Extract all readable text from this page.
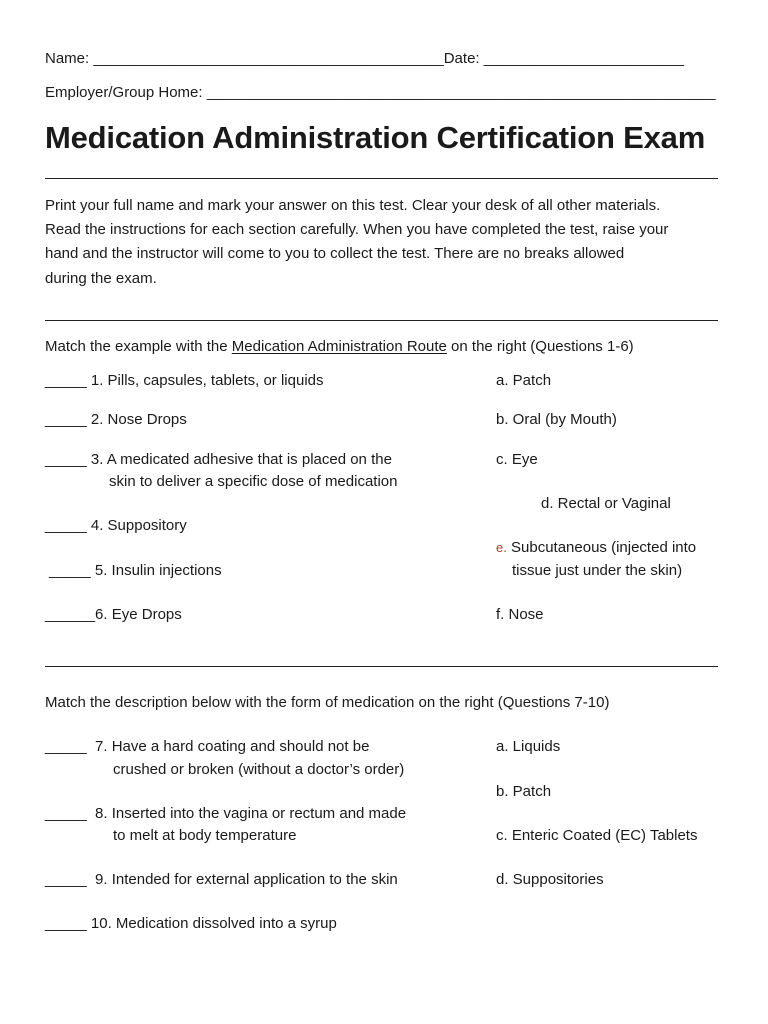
Name: __________________________________________Date: ________________________
Employer/Group Home: _____________________________________________________________
Medication Administration Certification Exam
Print your full name and mark your answer on this test. Clear your desk of all other materials.
Read the instructions for each section carefully. When you have completed the test, raise your
hand and the instructor will come to you to collect the test. There are no breaks allowed
during the exam.
Match the example with the Medication Administration Route on the right (Questions 1-6)
_____ 1. Pills, capsules, tablets, or liquids
_____ 2. Nose Drops
_____ 3. A medicated adhesive that is placed on the
skin to deliver a specific dose of medication
_____ 4. Suppository
_____ 5. Insulin injections
______6. Eye Drops
a. Patch
b. Oral (by Mouth)
c. Eye
d. Rectal or Vaginal
e. Subcutaneous (injected into
tissue just under the skin)
f. Nose
Match the description below with the form of medication on the right (Questions 7-10)
_____  7. Have a hard coating and should not be
crushed or broken (without a doctor’s order)
_____  8. Inserted into the vagina or rectum and made
to melt at body temperature
_____  9. Intended for external application to the skin
_____ 10. Medication dissolved into a syrup
a. Liquids
b. Patch
c. Enteric Coated (EC) Tablets
d. Suppositories
